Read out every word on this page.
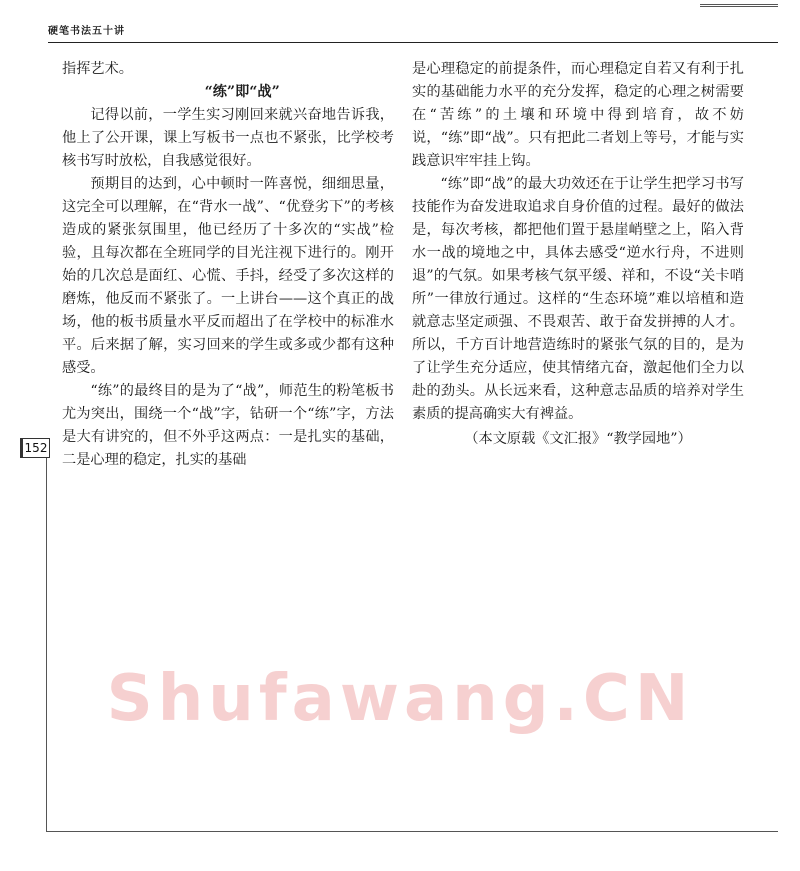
硬笔书法五十讲

指挥艺术。

“练”即“战”

记得以前，一学生实习刚回来就兴奋地告诉我，他上了公开课，课上写板书一点也不紧张，比学校考核书写时放松，自我感觉很好。

预期目的达到，心中顿时一阵喜悦，细细思量，这完全可以理解，在“背水一战”、“优登劣下”的考核造成的紧张氛围里，他已经历了十多次的“实战”检验，且每次都在全班同学的目光注视下进行的。刚开始的几次总是面红、心慌、手抖，经受了多次这样的磨炼，他反而不紧张了。一上讲台——这个真正的战场，他的板书质量水平反而超出了在学校中的标准水平。后来据了解，实习回来的学生或多或少都有这种感受。

“练”的最终目的是为了“战”，师范生的粉笔板书尤为突出，围绕一个“战”字，钻研一个“练”字，方法是大有讲究的，但不外乎这两点：一是扎实的基础，二是心理的稳定，扎实的基础

是心理稳定的前提条件，而心理稳定自若又有利于扎实的基础能力水平的充分发挥，稳定的心理之树需要在“苦练”的土壤和环境中得到培育，故不妨说，“练”即“战”。只有把此二者划上等号，才能与实践意识牢牢挂上钩。

“练”即“战”的最大功效还在于让学生把学习书写技能作为奋发进取追求自身价值的过程。最好的做法是，每次考核，都把他们置于悬崖峭壁之上，陷入背水一战的境地之中，具体去感受“逆水行舟，不进则退”的气氛。如果考核气氛平缓、祥和，不设“关卡哨所”一律放行通过。这样的“生态环境”难以培植和造就意志坚定顽强、不畏艰苦、敢于奋发拼搏的人才。所以，千方百计地营造练时的紧张气氛的目的，是为了让学生充分适应，使其情绪亢奋，激起他们全力以赴的劲头。从长远来看，这种意志品质的培养对学生素质的提高确实大有裨益。

（本文原载《文汇报》“教学园地”）

152
Shufawang.CN
